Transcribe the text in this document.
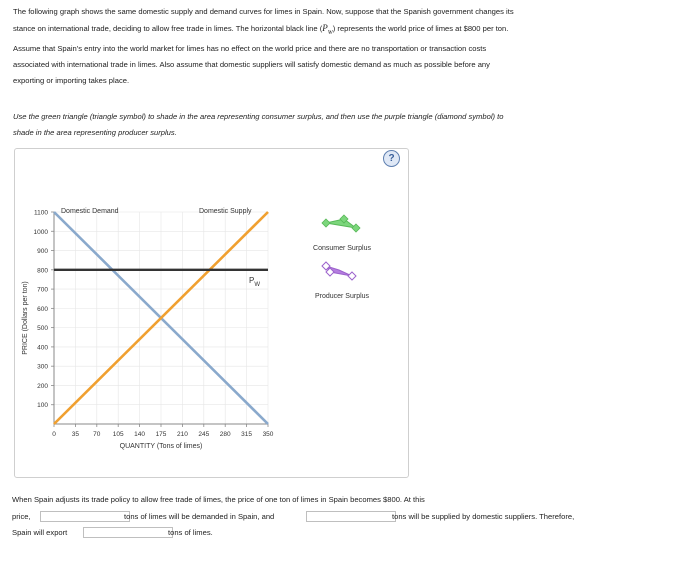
The following graph shows the same domestic supply and demand curves for limes in Spain. Now, suppose that the Spanish government changes its
stance on international trade, deciding to allow free trade in limes. The horizontal black line $(P_W)$ represents the world price of limes at $800 per ton.
Assume that Spain's entry into the world market for limes has no effect on the world price and there are no transportation or transaction costs
associated with international trade in limes. Also assume that domestic suppliers will satisfy domestic demand as much as possible before any
exporting or importing takes place.
Use the green triangle (triangle symbol) to shade in the area representing consumer surplus, and then use the purple triangle (diamond symbol) to
shade in the area representing producer surplus.
?
100
200
300
400
500
600
700
800
900
1000
1100
0 35 70 105 140 175 210 245 280 315 350
PRICE (Dollars per ton)
QUANTITY (Tons of limes)
Domestic Demand	Domestic Supply
$P_W$
Consumer Surplus
Producer Surplus
When Spain adjusts its trade policy to allow free trade of limes, the price of one ton of limes in Spain becomes $800. At this
price,	tons of limes will be demanded in Spain, and	tons will be supplied by domestic suppliers. Therefore,
Spain will export	tons of limes.
